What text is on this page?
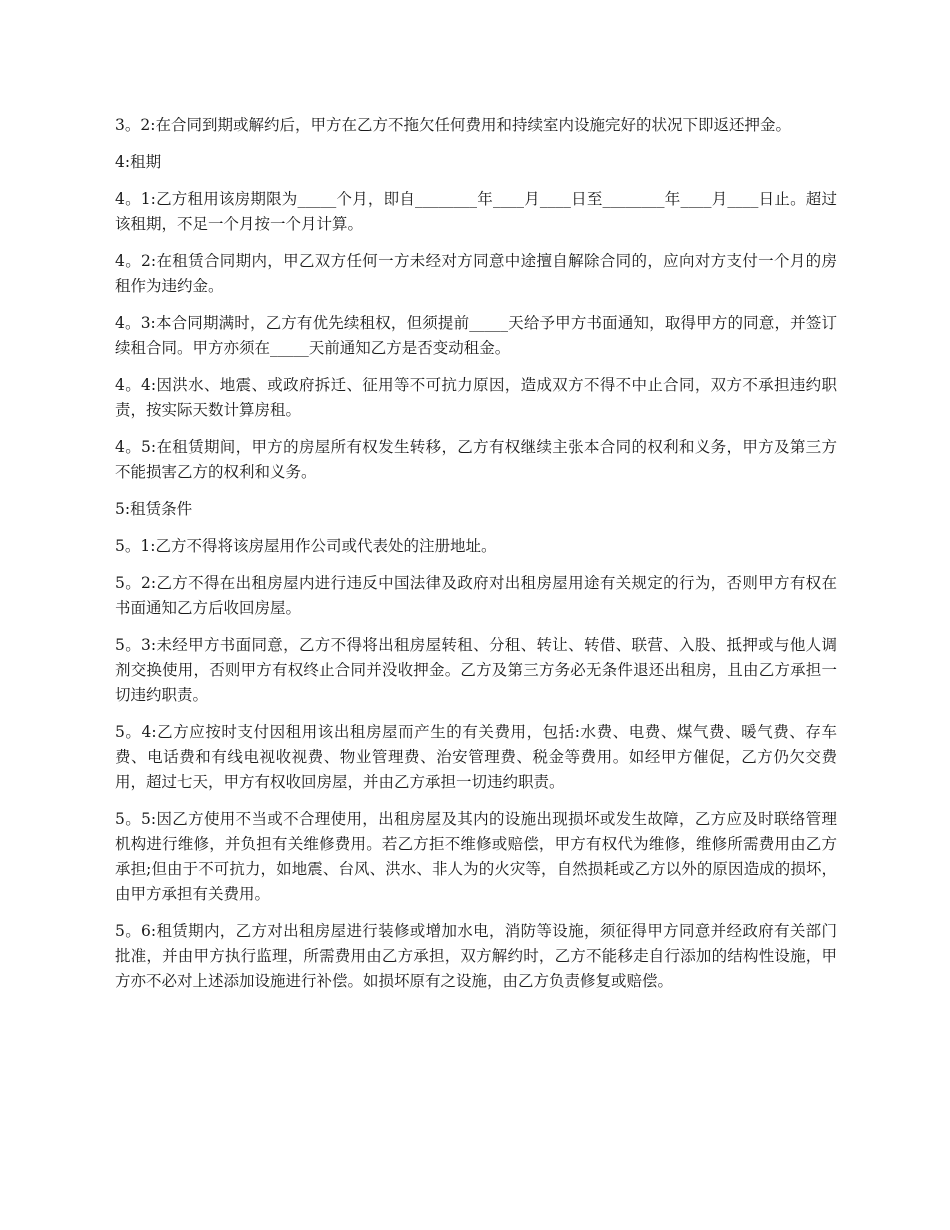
3。2:在合同到期或解约后，甲方在乙方不拖欠任何费用和持续室内设施完好的状况下即返还押金。

4:租期

4。1:乙方租用该房期限为_____个月，即自________年____月____日至________年____月____日止。超过该租期，不足一个月按一个月计算。

4。2:在租赁合同期内，甲乙双方任何一方未经对方同意中途擅自解除合同的，应向对方支付一个月的房租作为违约金。

4。3:本合同期满时，乙方有优先续租权，但须提前_____天给予甲方书面通知，取得甲方的同意，并签订续租合同。甲方亦须在_____天前通知乙方是否变动租金。

4。4:因洪水、地震、或政府拆迁、征用等不可抗力原因，造成双方不得不中止合同，双方不承担违约职责，按实际天数计算房租。

4。5:在租赁期间，甲方的房屋所有权发生转移，乙方有权继续主张本合同的权利和义务，甲方及第三方不能损害乙方的权利和义务。

5:租赁条件

5。1:乙方不得将该房屋用作公司或代表处的注册地址。

5。2:乙方不得在出租房屋内进行违反中国法律及政府对出租房屋用途有关规定的行为，否则甲方有权在书面通知乙方后收回房屋。

5。3:未经甲方书面同意，乙方不得将出租房屋转租、分租、转让、转借、联营、入股、抵押或与他人调剂交换使用，否则甲方有权终止合同并没收押金。乙方及第三方务必无条件退还出租房，且由乙方承担一切违约职责。

5。4:乙方应按时支付因租用该出租房屋而产生的有关费用，包括:水费、电费、煤气费、暖气费、存车费、电话费和有线电视收视费、物业管理费、治安管理费、税金等费用。如经甲方催促，乙方仍欠交费用，超过七天，甲方有权收回房屋，并由乙方承担一切违约职责。

5。5:因乙方使用不当或不合理使用，出租房屋及其内的设施出现损坏或发生故障，乙方应及时联络管理机构进行维修，并负担有关维修费用。若乙方拒不维修或赔偿，甲方有权代为维修，维修所需费用由乙方承担;但由于不可抗力，如地震、台风、洪水、非人为的火灾等，自然损耗或乙方以外的原因造成的损坏，由甲方承担有关费用。

5。6:租赁期内，乙方对出租房屋进行装修或增加水电，消防等设施，须征得甲方同意并经政府有关部门批准，并由甲方执行监理，所需费用由乙方承担，双方解约时，乙方不能移走自行添加的结构性设施，甲方亦不必对上述添加设施进行补偿。如损坏原有之设施，由乙方负责修复或赔偿。
